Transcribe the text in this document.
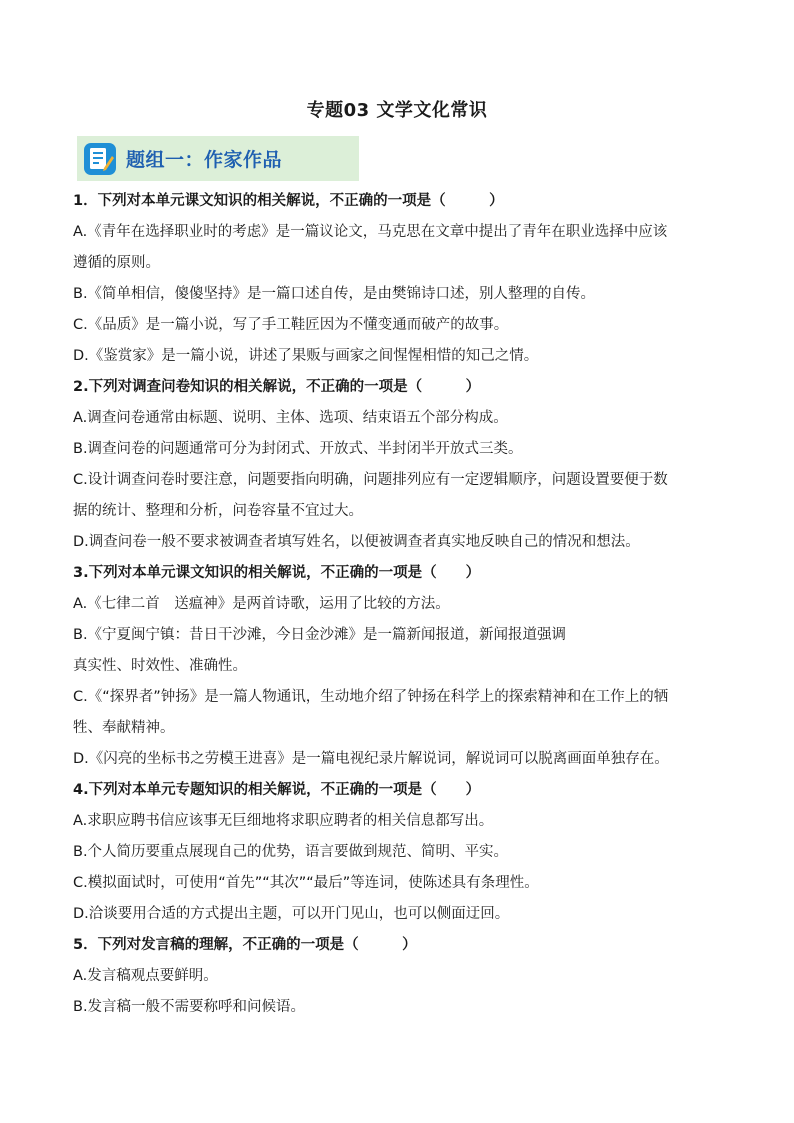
专题03 文学文化常识
题组一：作家作品
1．下列对本单元课文知识的相关解说，不正确的一项是（　　　）
A.《青年在选择职业时的考虑》是一篇议论文，马克思在文章中提出了青年在职业选择中应该
遵循的原则。
B.《简单相信，傻傻坚持》是一篇口述自传，是由樊锦诗口述，别人整理的自传。
C.《品质》是一篇小说，写了手工鞋匠因为不懂变通而破产的故事。
D.《鉴赏家》是一篇小说，讲述了果贩与画家之间惺惺相惜的知己之情。
2.下列对调查问卷知识的相关解说，不正确的一项是（　　　）
A.调查问卷通常由标题、说明、主体、选项、结束语五个部分构成。
B.调查问卷的问题通常可分为封闭式、开放式、半封闭半开放式三类。
C.设计调查问卷时要注意，问题要指向明确，问题排列应有一定逻辑顺序，问题设置要便于数
据的统计、整理和分析，问卷容量不宜过大。
D.调查问卷一般不要求被调查者填写姓名，以便被调查者真实地反映自己的情况和想法。
3.下列对本单元课文知识的相关解说，不正确的一项是（　　）
A.《七律二首　送瘟神》是两首诗歌，运用了比较的方法。
B.《宁夏闽宁镇：昔日干沙滩，今日金沙滩》是一篇新闻报道，新闻报道强调
真实性、时效性、准确性。
C.《“探界者”钟扬》是一篇人物通讯，生动地介绍了钟扬在科学上的探索精神和在工作上的牺
牲、奉献精神。
D.《闪亮的坐标书之劳模王进喜》是一篇电视纪录片解说词，解说词可以脱离画面单独存在。
4.下列对本单元专题知识的相关解说，不正确的一项是（　　）
A.求职应聘书信应该事无巨细地将求职应聘者的相关信息都写出。
B.个人简历要重点展现自己的优势，语言要做到规范、简明、平实。
C.模拟面试时，可使用“首先”“其次”“最后”等连词，使陈述具有条理性。
D.洽谈要用合适的方式提出主题，可以开门见山，也可以侧面迂回。
5．下列对发言稿的理解，不正确的一项是（　　　）
A.发言稿观点要鲜明。
B.发言稿一般不需要称呼和问候语。
